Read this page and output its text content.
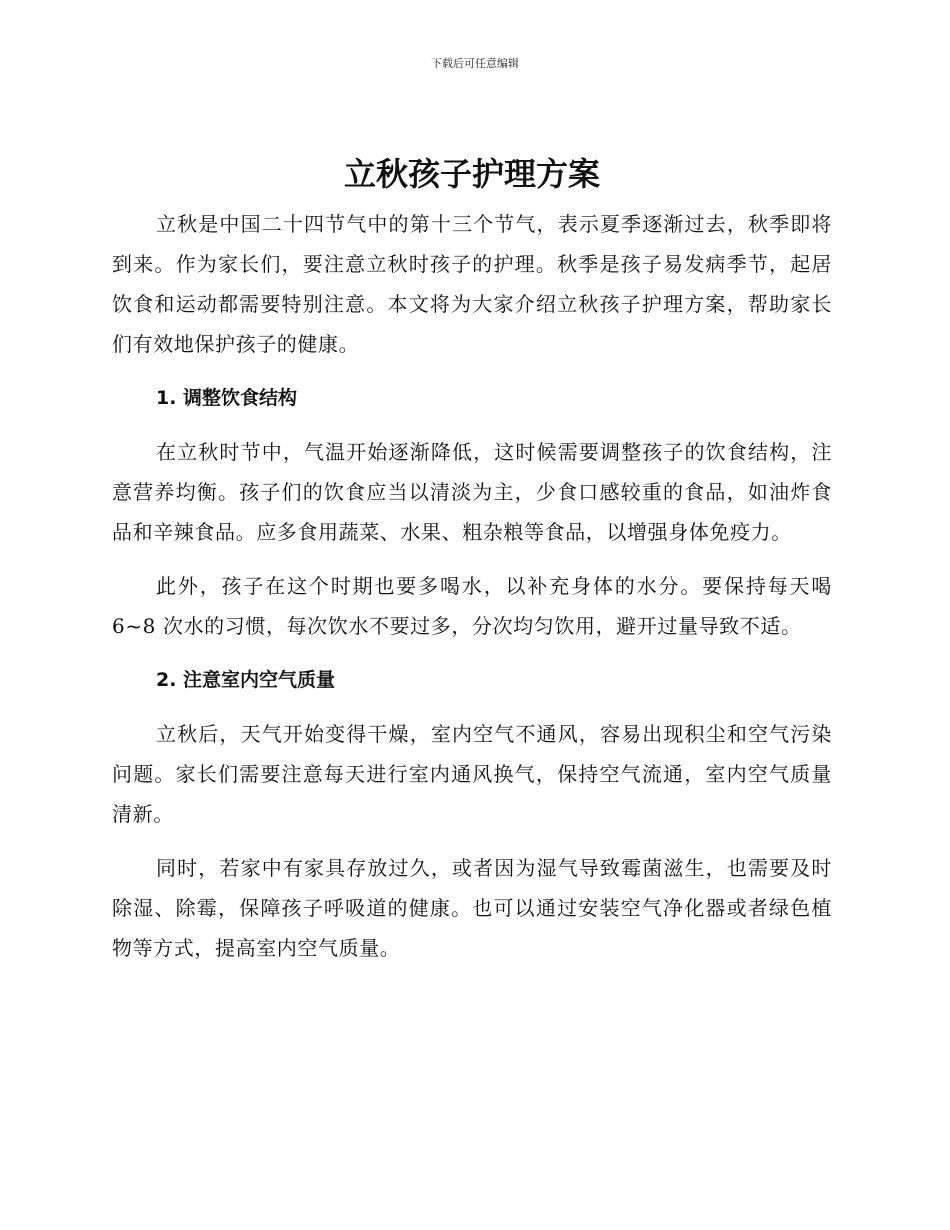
下载后可任意编辑
立秋孩子护理方案

立秋是中国二十四节气中的第十三个节气，表示夏季逐渐过去，秋季即将到来。作为家长们，要注意立秋时孩子的护理。秋季是孩子易发病季节，起居饮食和运动都需要特别注意。本文将为大家介绍立秋孩子护理方案，帮助家长们有效地保护孩子的健康。

1. 调整饮食结构

在立秋时节中，气温开始逐渐降低，这时候需要调整孩子的饮食结构，注意营养均衡。孩子们的饮食应当以清淡为主，少食口感较重的食品，如油炸食品和辛辣食品。应多食用蔬菜、水果、粗杂粮等食品，以增强身体免疫力。

此外，孩子在这个时期也要多喝水，以补充身体的水分。要保持每天喝 6~8 次水的习惯，每次饮水不要过多，分次均匀饮用，避开过量导致不适。

2. 注意室内空气质量

立秋后，天气开始变得干燥，室内空气不通风，容易出现积尘和空气污染问题。家长们需要注意每天进行室内通风换气，保持空气流通，室内空气质量清新。

同时，若家中有家具存放过久，或者因为湿气导致霉菌滋生，也需要及时除湿、除霉，保障孩子呼吸道的健康。也可以通过安装空气净化器或者绿色植物等方式，提高室内空气质量。
